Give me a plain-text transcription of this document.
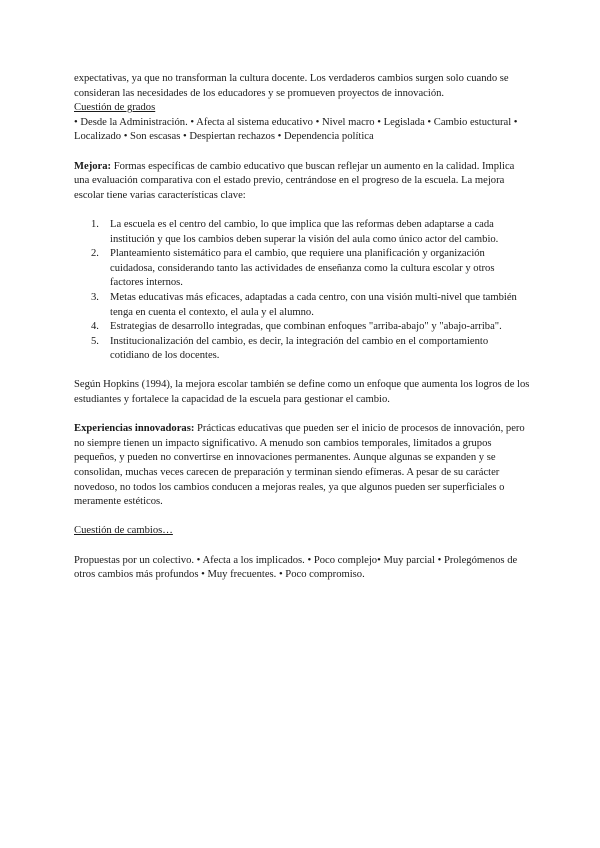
expectativas, ya que no transforman la cultura docente. Los verdaderos cambios surgen solo cuando se consideran las necesidades de los educadores y se promueven proyectos de innovación.

Cuestión de grados

• Desde la Administración. • Afecta al sistema educativo • Nivel macro • Legislada • Cambio estuctural • Localizado • Son escasas • Despiertan rechazos • Dependencia política

Mejora: Formas específicas de cambio educativo que buscan reflejar un aumento en la calidad. Implica una evaluación comparativa con el estado previo, centrándose en el progreso de la escuela. La mejora escolar tiene varias características clave:

1. La escuela es el centro del cambio, lo que implica que las reformas deben adaptarse a cada institución y que los cambios deben superar la visión del aula como único actor del cambio.
2. Planteamiento sistemático para el cambio, que requiere una planificación y organización cuidadosa, considerando tanto las actividades de enseñanza como la cultura escolar y otros factores internos.
3. Metas educativas más eficaces, adaptadas a cada centro, con una visión multi-nivel que también tenga en cuenta el contexto, el aula y el alumno.
4. Estrategias de desarrollo integradas, que combinan enfoques "arriba-abajo" y "abajo-arriba".
5. Institucionalización del cambio, es decir, la integración del cambio en el comportamiento cotidiano de los docentes.

Según Hopkins (1994), la mejora escolar también se define como un enfoque que aumenta los logros de los estudiantes y fortalece la capacidad de la escuela para gestionar el cambio.

Experiencias innovadoras: Prácticas educativas que pueden ser el inicio de procesos de innovación, pero no siempre tienen un impacto significativo. A menudo son cambios temporales, limitados a grupos pequeños, y pueden no convertirse en innovaciones permanentes. Aunque algunas se expanden y se consolidan, muchas veces carecen de preparación y terminan siendo efímeras. A pesar de su carácter novedoso, no todos los cambios conducen a mejoras reales, ya que algunos pueden ser superficiales o meramente estéticos.

Cuestión de cambios…

Propuestas por un colectivo. • Afecta a los implicados. • Poco complejo• Muy parcial • Prolegómenos de otros cambios más profundos • Muy frecuentes. • Poco compromiso.
